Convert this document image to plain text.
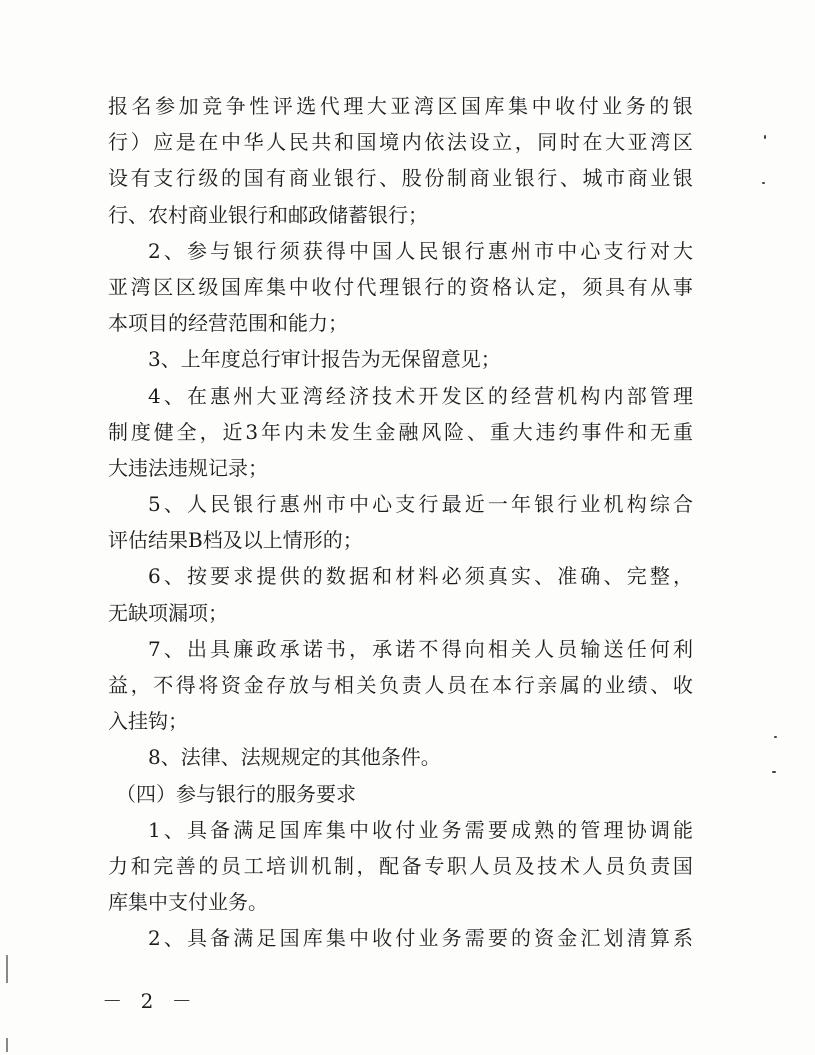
报 名 参 加 竞 争 性 评 选 代 理 大 亚 湾 区 国 库 集 中 收 付 业 务 的 银
行 ） 应 是 在 中 华 人 民 共 和 国 境 内 依 法 设 立 ， 同 时 在 大 亚 湾 区
设 有 支 行 级 的 国 有 商 业 银 行 、 股 份 制 商 业 银 行 、 城 市 商 业 银
行、农村商业银行和邮政储蓄银行；
2 、 参 与 银 行 须 获 得 中 国 人 民 银 行 惠 州 市 中 心 支 行 对 大
亚 湾 区 区 级 国 库 集 中 收 付 代 理 银 行 的 资 格 认 定 ， 须 具 有 从 事
本项目的经营范围和能力；
3、上年度总行审计报告为无保留意见；
4 、 在 惠 州 大 亚 湾 经 济 技 术 开 发 区 的 经 营 机 构 内 部 管 理
制 度 健 全 ， 近 3 年 内 未 发 生 金 融 风 险 、 重 大 违 约 事 件 和 无 重
大违法违规记录；
5 、 人 民 银 行 惠 州 市 中 心 支 行 最 近 一 年 银 行 业 机 构 综 合
评估结果B档及以上情形的；
6 、 按 要 求 提 供 的 数 据 和 材 料 必 须 真 实 、 准 确 、 完 整 ，
无缺项漏项；
7 、 出 具 廉 政 承 诺 书 ， 承 诺 不 得 向 相 关 人 员 输 送 任 何 利
益 ， 不 得 将 资 金 存 放 与 相 关 负 责 人 员 在 本 行 亲 属 的 业 绩 、 收
入挂钩；
8、法律、法规规定的其他条件。
（四）参与银行的服务要求
1 、 具 备 满 足 国 库 集 中 收 付 业 务 需 要 成 熟 的 管 理 协 调 能
力 和 完 善 的 员 工 培 训 机 制 ， 配 备 专 职 人 员 及 技 术 人 员 负 责 国
库集中支付业务。
2 、 具 备 满 足 国 库 集 中 收 付 业 务 需 要 的 资 金 汇 划 清 算 系
－ 2 －
